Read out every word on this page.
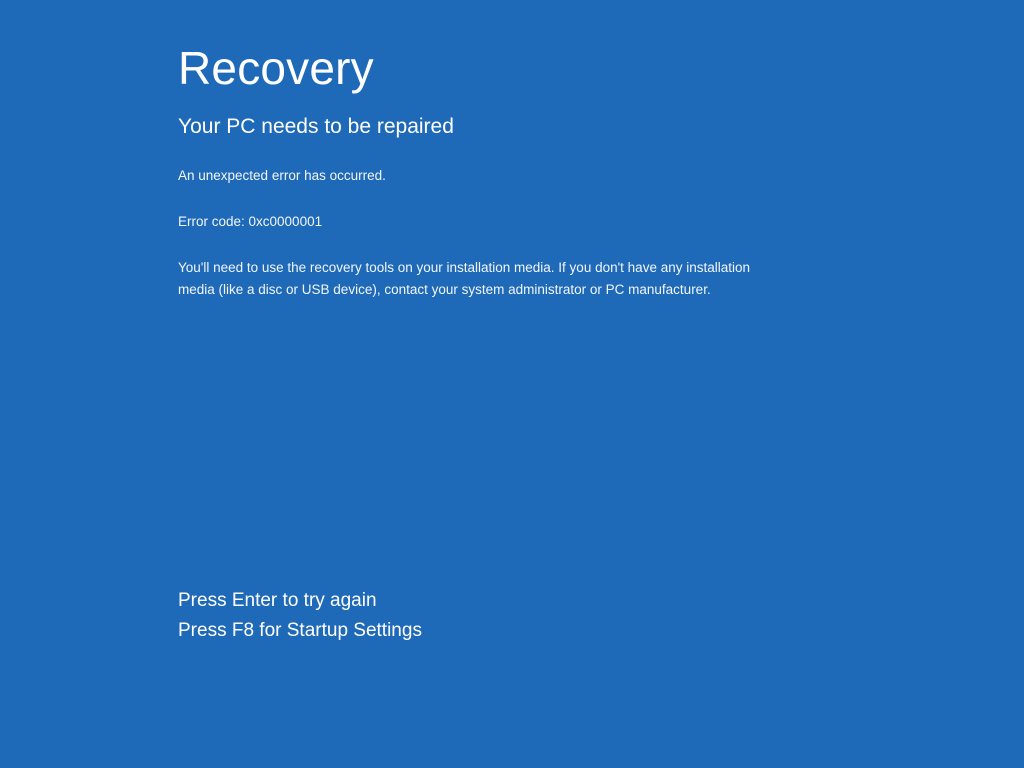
Recovery
Your PC needs to be repaired

An unexpected error has occurred.

Error code: 0xc0000001

You'll need to use the recovery tools on your installation media. If you don't have any installation media (like a disc or USB device), contact your system administrator or PC manufacturer.

Press Enter to try again
Press F8 for Startup Settings
